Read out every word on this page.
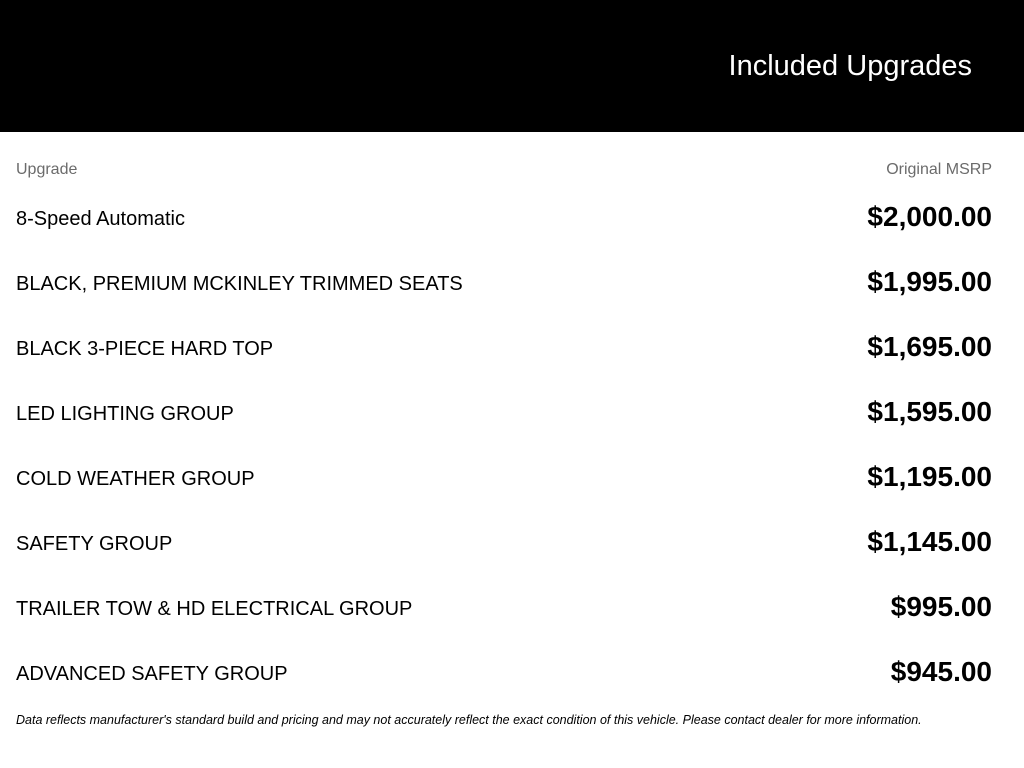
Included Upgrades
Upgrade	Original MSRP
8-Speed Automatic	$2,000.00
BLACK, PREMIUM MCKINLEY TRIMMED SEATS	$1,995.00
BLACK 3-PIECE HARD TOP	$1,695.00
LED LIGHTING GROUP	$1,595.00
COLD WEATHER GROUP	$1,195.00
SAFETY GROUP	$1,145.00
TRAILER TOW & HD ELECTRICAL GROUP	$995.00
ADVANCED SAFETY GROUP	$945.00
Data reflects manufacturer's standard build and pricing and may not accurately reflect the exact condition of this vehicle. Please contact dealer for more information.
